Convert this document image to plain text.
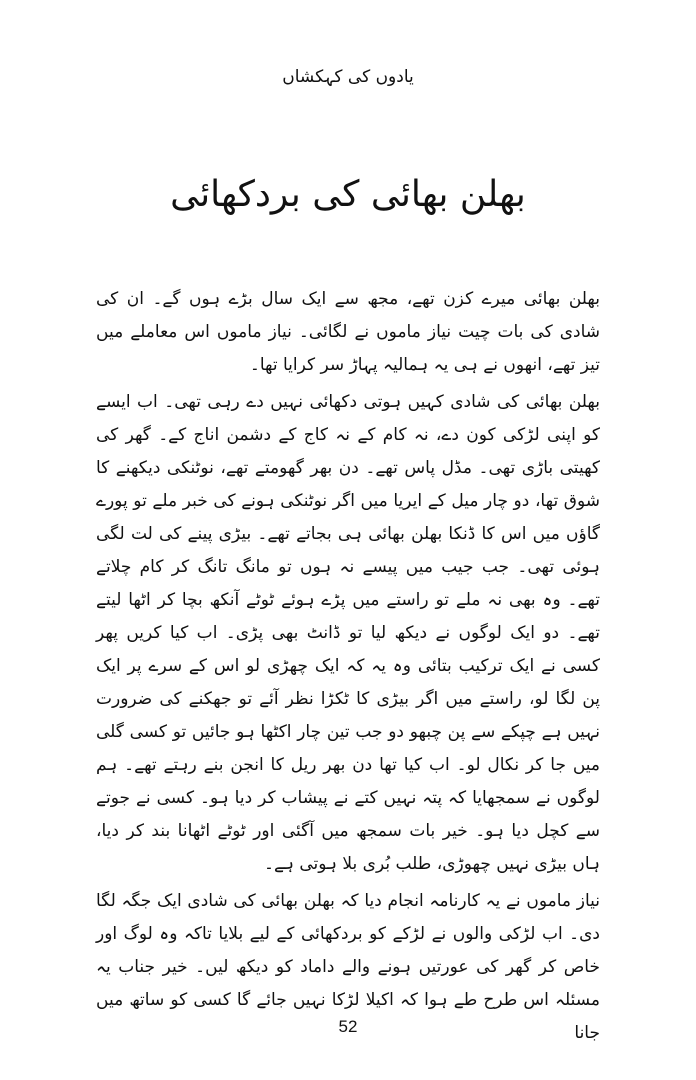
یادوں کی کہکشاں
بھلن بھائی کی بردکھائی

بھلن بھائی میرے کزن تھے، مجھ سے ایک سال بڑے ہوں گے۔ ان کی شادی کی بات چیت نیاز ماموں نے لگائی۔ نیاز ماموں اس معاملے میں تیز تھے، انھوں نے ہی یہ ہمالیہ پہاڑ سر کرایا تھا۔

بھلن بھائی کی شادی کہیں ہوتی دکھائی نہیں دے رہی تھی۔ اب ایسے کو اپنی لڑکی کون دے، نہ کام کے نہ کاج کے دشمن اناج کے۔ گھر کی کھیتی باڑی تھی۔ مڈل پاس تھے۔ دن بھر گھومتے تھے، نوٹنکی دیکھنے کا شوق تھا، دو چار میل کے ایریا میں اگر نوٹنکی ہونے کی خبر ملے تو پورے گاؤں میں اس کا ڈنکا بھلن بھائی ہی بجاتے تھے۔ بیڑی پینے کی لت لگی ہوئی تھی۔ جب جیب میں پیسے نہ ہوں تو مانگ تانگ کر کام چلاتے تھے۔ وہ بھی نہ ملے تو راستے میں پڑے ہوئے ٹوٹے آنکھ بچا کر اٹھا لیتے تھے۔ دو ایک لوگوں نے دیکھ لیا تو ڈانٹ بھی پڑی۔ اب کیا کریں پھر کسی نے ایک ترکیب بتائی وہ یہ کہ ایک چھڑی لو اس کے سرے پر ایک پن لگا لو، راستے میں اگر بیڑی کا ٹکڑا نظر آئے تو جھکنے کی ضرورت نہیں ہے چپکے سے پن چبھو دو جب تین چار اکٹھا ہو جائیں تو کسی گلی میں جا کر نکال لو۔ اب کیا تھا دن بھر ریل کا انجن بنے رہتے تھے۔ ہم لوگوں نے سمجھایا کہ پتہ نہیں کتے نے پیشاب کر دیا ہو۔ کسی نے جوتے سے کچل دیا ہو۔ خیر بات سمجھ میں آگئی اور ٹوٹے اٹھانا بند کر دیا، ہاں بیڑی نہیں چھوڑی، طلب بُری بلا ہوتی ہے۔

نیاز ماموں نے یہ کارنامہ انجام دیا کہ بھلن بھائی کی شادی ایک جگہ لگا دی۔ اب لڑکی والوں نے لڑکے کو بردکھائی کے لیے بلایا تاکہ وہ لوگ اور خاص کر گھر کی عورتیں ہونے والے داماد کو دیکھ لیں۔ خیر جناب یہ مسئلہ اس طرح طے ہوا کہ اکیلا لڑکا نہیں جائے گا کسی کو ساتھ میں جانا

52
